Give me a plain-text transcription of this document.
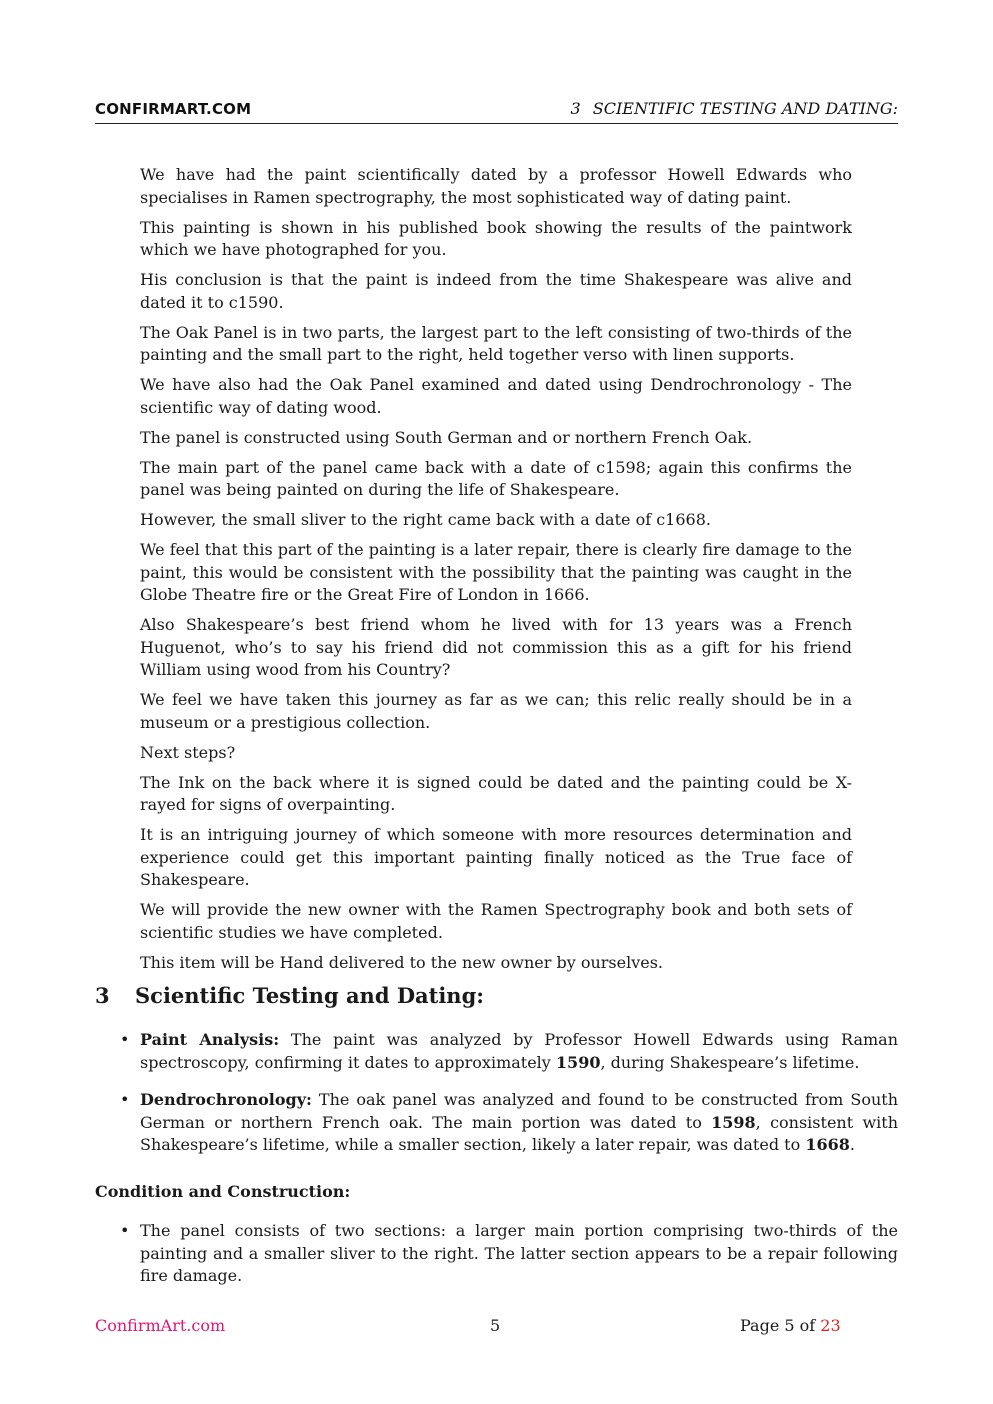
CONFIRMART.COM	3 SCIENTIFIC TESTING AND DATING:

We have had the paint scientifically dated by a professor Howell Edwards who specialises in Ramen spectrography, the most sophisticated way of dating paint.

This painting is shown in his published book showing the results of the paintwork which we have photographed for you.

His conclusion is that the paint is indeed from the time Shakespeare was alive and dated it to c1590.

The Oak Panel is in two parts, the largest part to the left consisting of two-thirds of the painting and the small part to the right, held together verso with linen supports.

We have also had the Oak Panel examined and dated using Dendrochronology - The scientific way of dating wood.

The panel is constructed using South German and or northern French Oak.

The main part of the panel came back with a date of c1598; again this confirms the panel was being painted on during the life of Shakespeare.

However, the small sliver to the right came back with a date of c1668.

We feel that this part of the painting is a later repair, there is clearly fire damage to the paint, this would be consistent with the possibility that the painting was caught in the Globe Theatre fire or the Great Fire of London in 1666.

Also Shakespeare’s best friend whom he lived with for 13 years was a French Huguenot, who’s to say his friend did not commission this as a gift for his friend William using wood from his Country?

We feel we have taken this journey as far as we can; this relic really should be in a museum or a prestigious collection.

Next steps?

The Ink on the back where it is signed could be dated and the painting could be X-rayed for signs of overpainting.

It is an intriguing journey of which someone with more resources determination and experience could get this important painting finally noticed as the True face of Shakespeare.

We will provide the new owner with the Ramen Spectrography book and both sets of scientific studies we have completed.

This item will be Hand delivered to the new owner by ourselves.

3 Scientific Testing and Dating:
• Paint Analysis: The paint was analyzed by Professor Howell Edwards using Raman spectroscopy, confirming it dates to approximately 1590, during Shakespeare’s lifetime.
• Dendrochronology: The oak panel was analyzed and found to be constructed from South German or northern French oak. The main portion was dated to 1598, consistent with Shakespeare’s lifetime, while a smaller section, likely a later repair, was dated to 1668.
Condition and Construction:
• The panel consists of two sections: a larger main portion comprising two-thirds of the painting and a smaller sliver to the right. The latter section appears to be a repair following fire damage.
ConfirmArt.com	5	Page 5 of 23
